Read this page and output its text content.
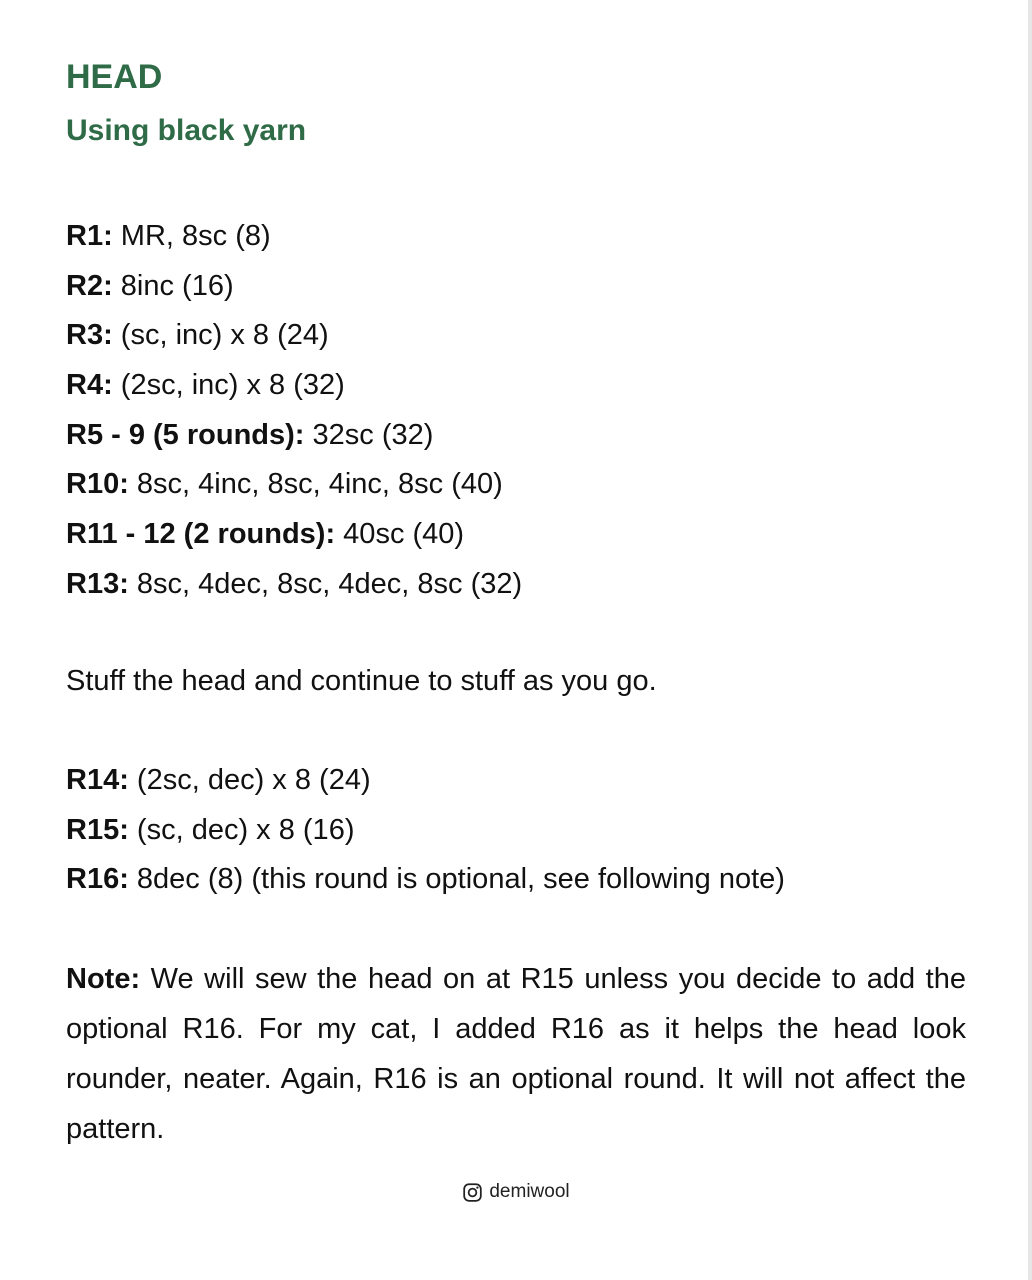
HEAD
Using black yarn
R1: MR, 8sc (8)
R2: 8inc (16)
R3: (sc, inc) x 8 (24)
R4: (2sc, inc) x 8 (32)
R5 - 9 (5 rounds): 32sc (32)
R10: 8sc, 4inc, 8sc, 4inc, 8sc (40)
R11 - 12 (2 rounds): 40sc (40)
R13: 8sc, 4dec, 8sc, 4dec, 8sc (32)

Stuff the head and continue to stuff as you go.

R14: (2sc, dec) x 8 (24)
R15: (sc, dec) x 8 (16)
R16: 8dec (8) (this round is optional, see following note)

Note: We will sew the head on at R15 unless you decide to add the optional R16. For my cat, I added R16 as it helps the head look rounder, neater. Again, R16 is an optional round. It will not affect the pattern.

demiwool
